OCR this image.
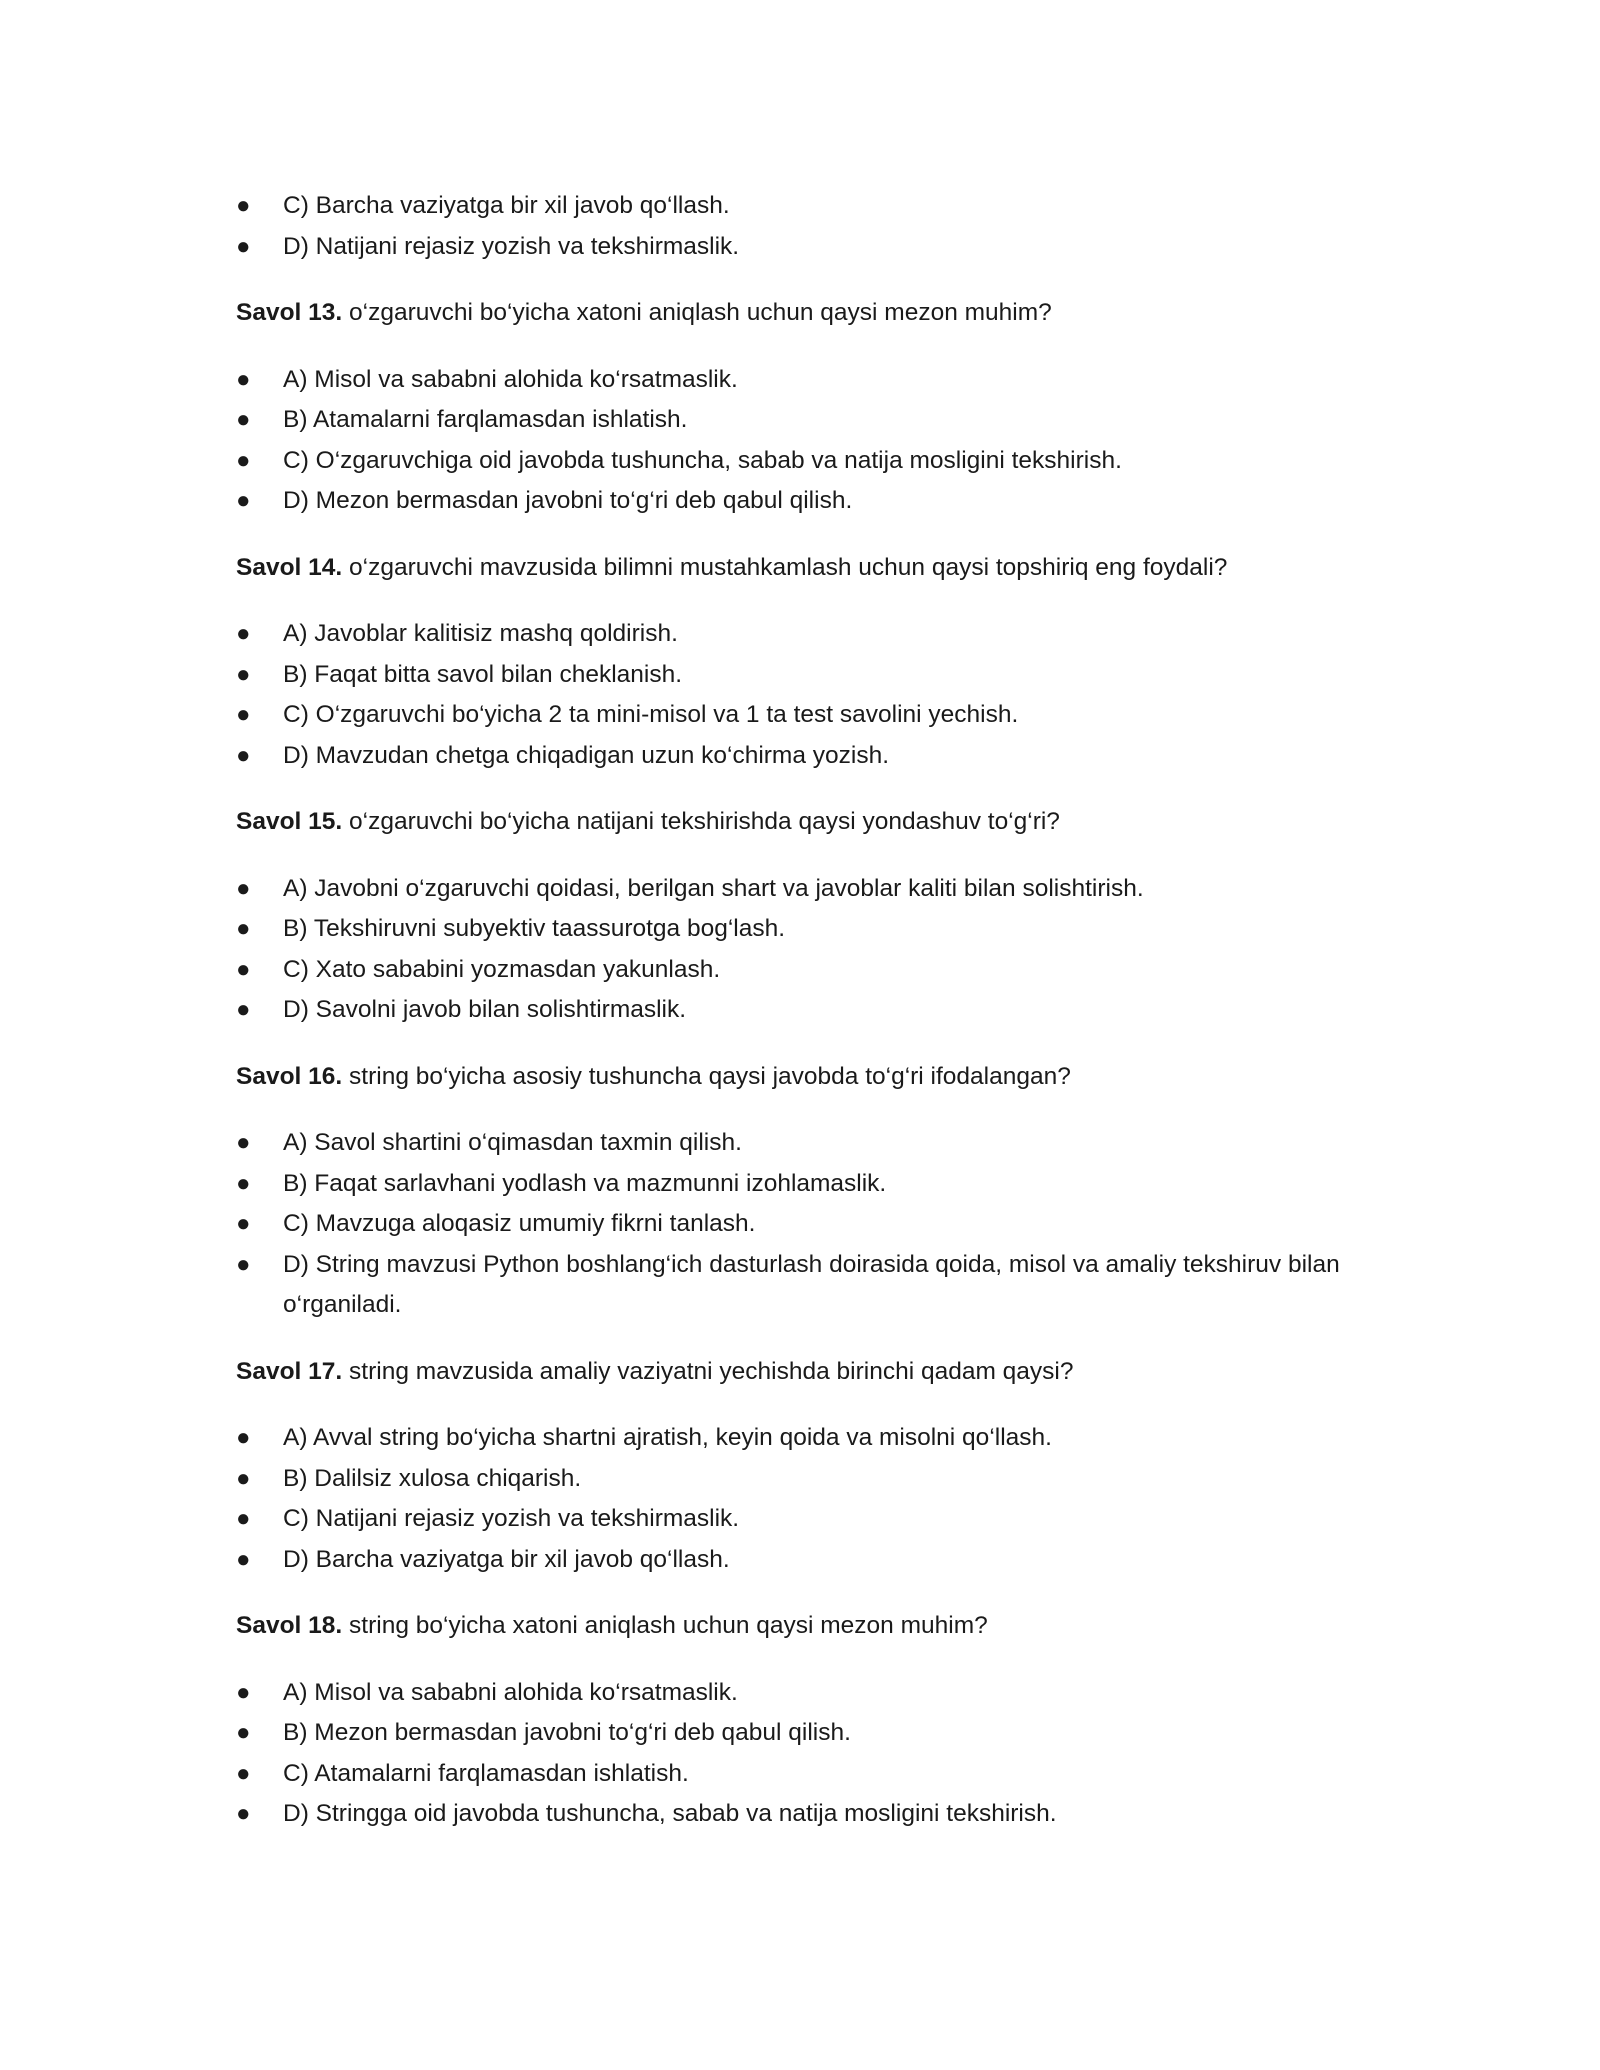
● C) Barcha vaziyatga bir xil javob qo‘llash.
● D) Natijani rejasiz yozish va tekshirmaslik.

Savol 13. o‘zgaruvchi bo‘yicha xatoni aniqlash uchun qaysi mezon muhim?

● A) Misol va sababni alohida ko‘rsatmaslik.
● B) Atamalarni farqlamasdan ishlatish.
● C) O‘zgaruvchiga oid javobda tushuncha, sabab va natija mosligini tekshirish.
● D) Mezon bermasdan javobni to‘g‘ri deb qabul qilish.

Savol 14. o‘zgaruvchi mavzusida bilimni mustahkamlash uchun qaysi topshiriq eng foydali?

● A) Javoblar kalitisiz mashq qoldirish.
● B) Faqat bitta savol bilan cheklanish.
● C) O‘zgaruvchi bo‘yicha 2 ta mini-misol va 1 ta test savolini yechish.
● D) Mavzudan chetga chiqadigan uzun ko‘chirma yozish.

Savol 15. o‘zgaruvchi bo‘yicha natijani tekshirishda qaysi yondashuv to‘g‘ri?

● A) Javobni o‘zgaruvchi qoidasi, berilgan shart va javoblar kaliti bilan solishtirish.
● B) Tekshiruvni subyektiv taassurotga bog‘lash.
● C) Xato sababini yozmasdan yakunlash.
● D) Savolni javob bilan solishtirmaslik.

Savol 16. string bo‘yicha asosiy tushuncha qaysi javobda to‘g‘ri ifodalangan?

● A) Savol shartini o‘qimasdan taxmin qilish.
● B) Faqat sarlavhani yodlash va mazmunni izohlamaslik.
● C) Mavzuga aloqasiz umumiy fikrni tanlash.
● D) String mavzusi Python boshlang‘ich dasturlash doirasida qoida, misol va amaliy tekshiruv bilan o‘rganiladi.

Savol 17. string mavzusida amaliy vaziyatni yechishda birinchi qadam qaysi?

● A) Avval string bo‘yicha shartni ajratish, keyin qoida va misolni qo‘llash.
● B) Dalilsiz xulosa chiqarish.
● C) Natijani rejasiz yozish va tekshirmaslik.
● D) Barcha vaziyatga bir xil javob qo‘llash.

Savol 18. string bo‘yicha xatoni aniqlash uchun qaysi mezon muhim?

● A) Misol va sababni alohida ko‘rsatmaslik.
● B) Mezon bermasdan javobni to‘g‘ri deb qabul qilish.
● C) Atamalarni farqlamasdan ishlatish.
● D) Stringga oid javobda tushuncha, sabab va natija mosligini tekshirish.
